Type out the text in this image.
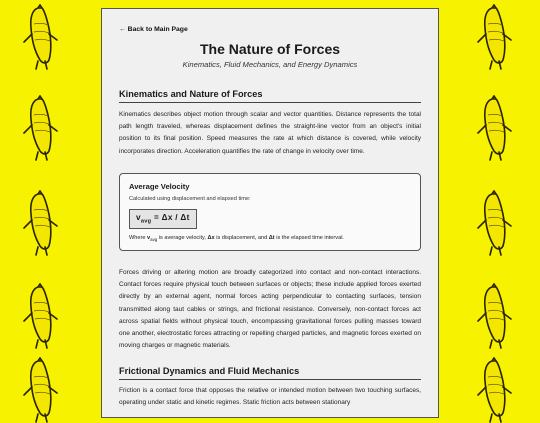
← Back to Main Page
The Nature of Forces

Kinematics, Fluid Mechanics, and Energy Dynamics

Kinematics and Nature of Forces

Kinematics describes object motion through scalar and vector quantities. Distance represents the total path length traveled, whereas displacement defines the straight-line vector from an object's initial position to its final position. Speed measures the rate at which distance is covered, while velocity incorporates direction. Acceleration quantifies the rate of change in velocity over time.

Average Velocity

Calculated using displacement and elapsed time:

$v_{avg} = \Delta x / \Delta t$

Where $v_{avg}$ is average velocity, Δx is displacement, and Δt is the elapsed time interval.

Forces driving or altering motion are broadly categorized into contact and non-contact interactions. Contact forces require physical touch between surfaces or objects; these include applied forces exerted directly by an external agent, normal forces acting perpendicular to contacting surfaces, tension transmitted along taut cables or strings, and frictional resistance. Conversely, non-contact forces act across spatial fields without physical touch, encompassing gravitational forces pulling masses toward one another, electrostatic forces attracting or repelling charged particles, and magnetic forces exerted on moving charges or magnetic materials.

Frictional Dynamics and Fluid Mechanics

Friction is a contact force that opposes the relative or intended motion between two touching surfaces, operating under static and kinetic regimes. Static friction acts between stationary
